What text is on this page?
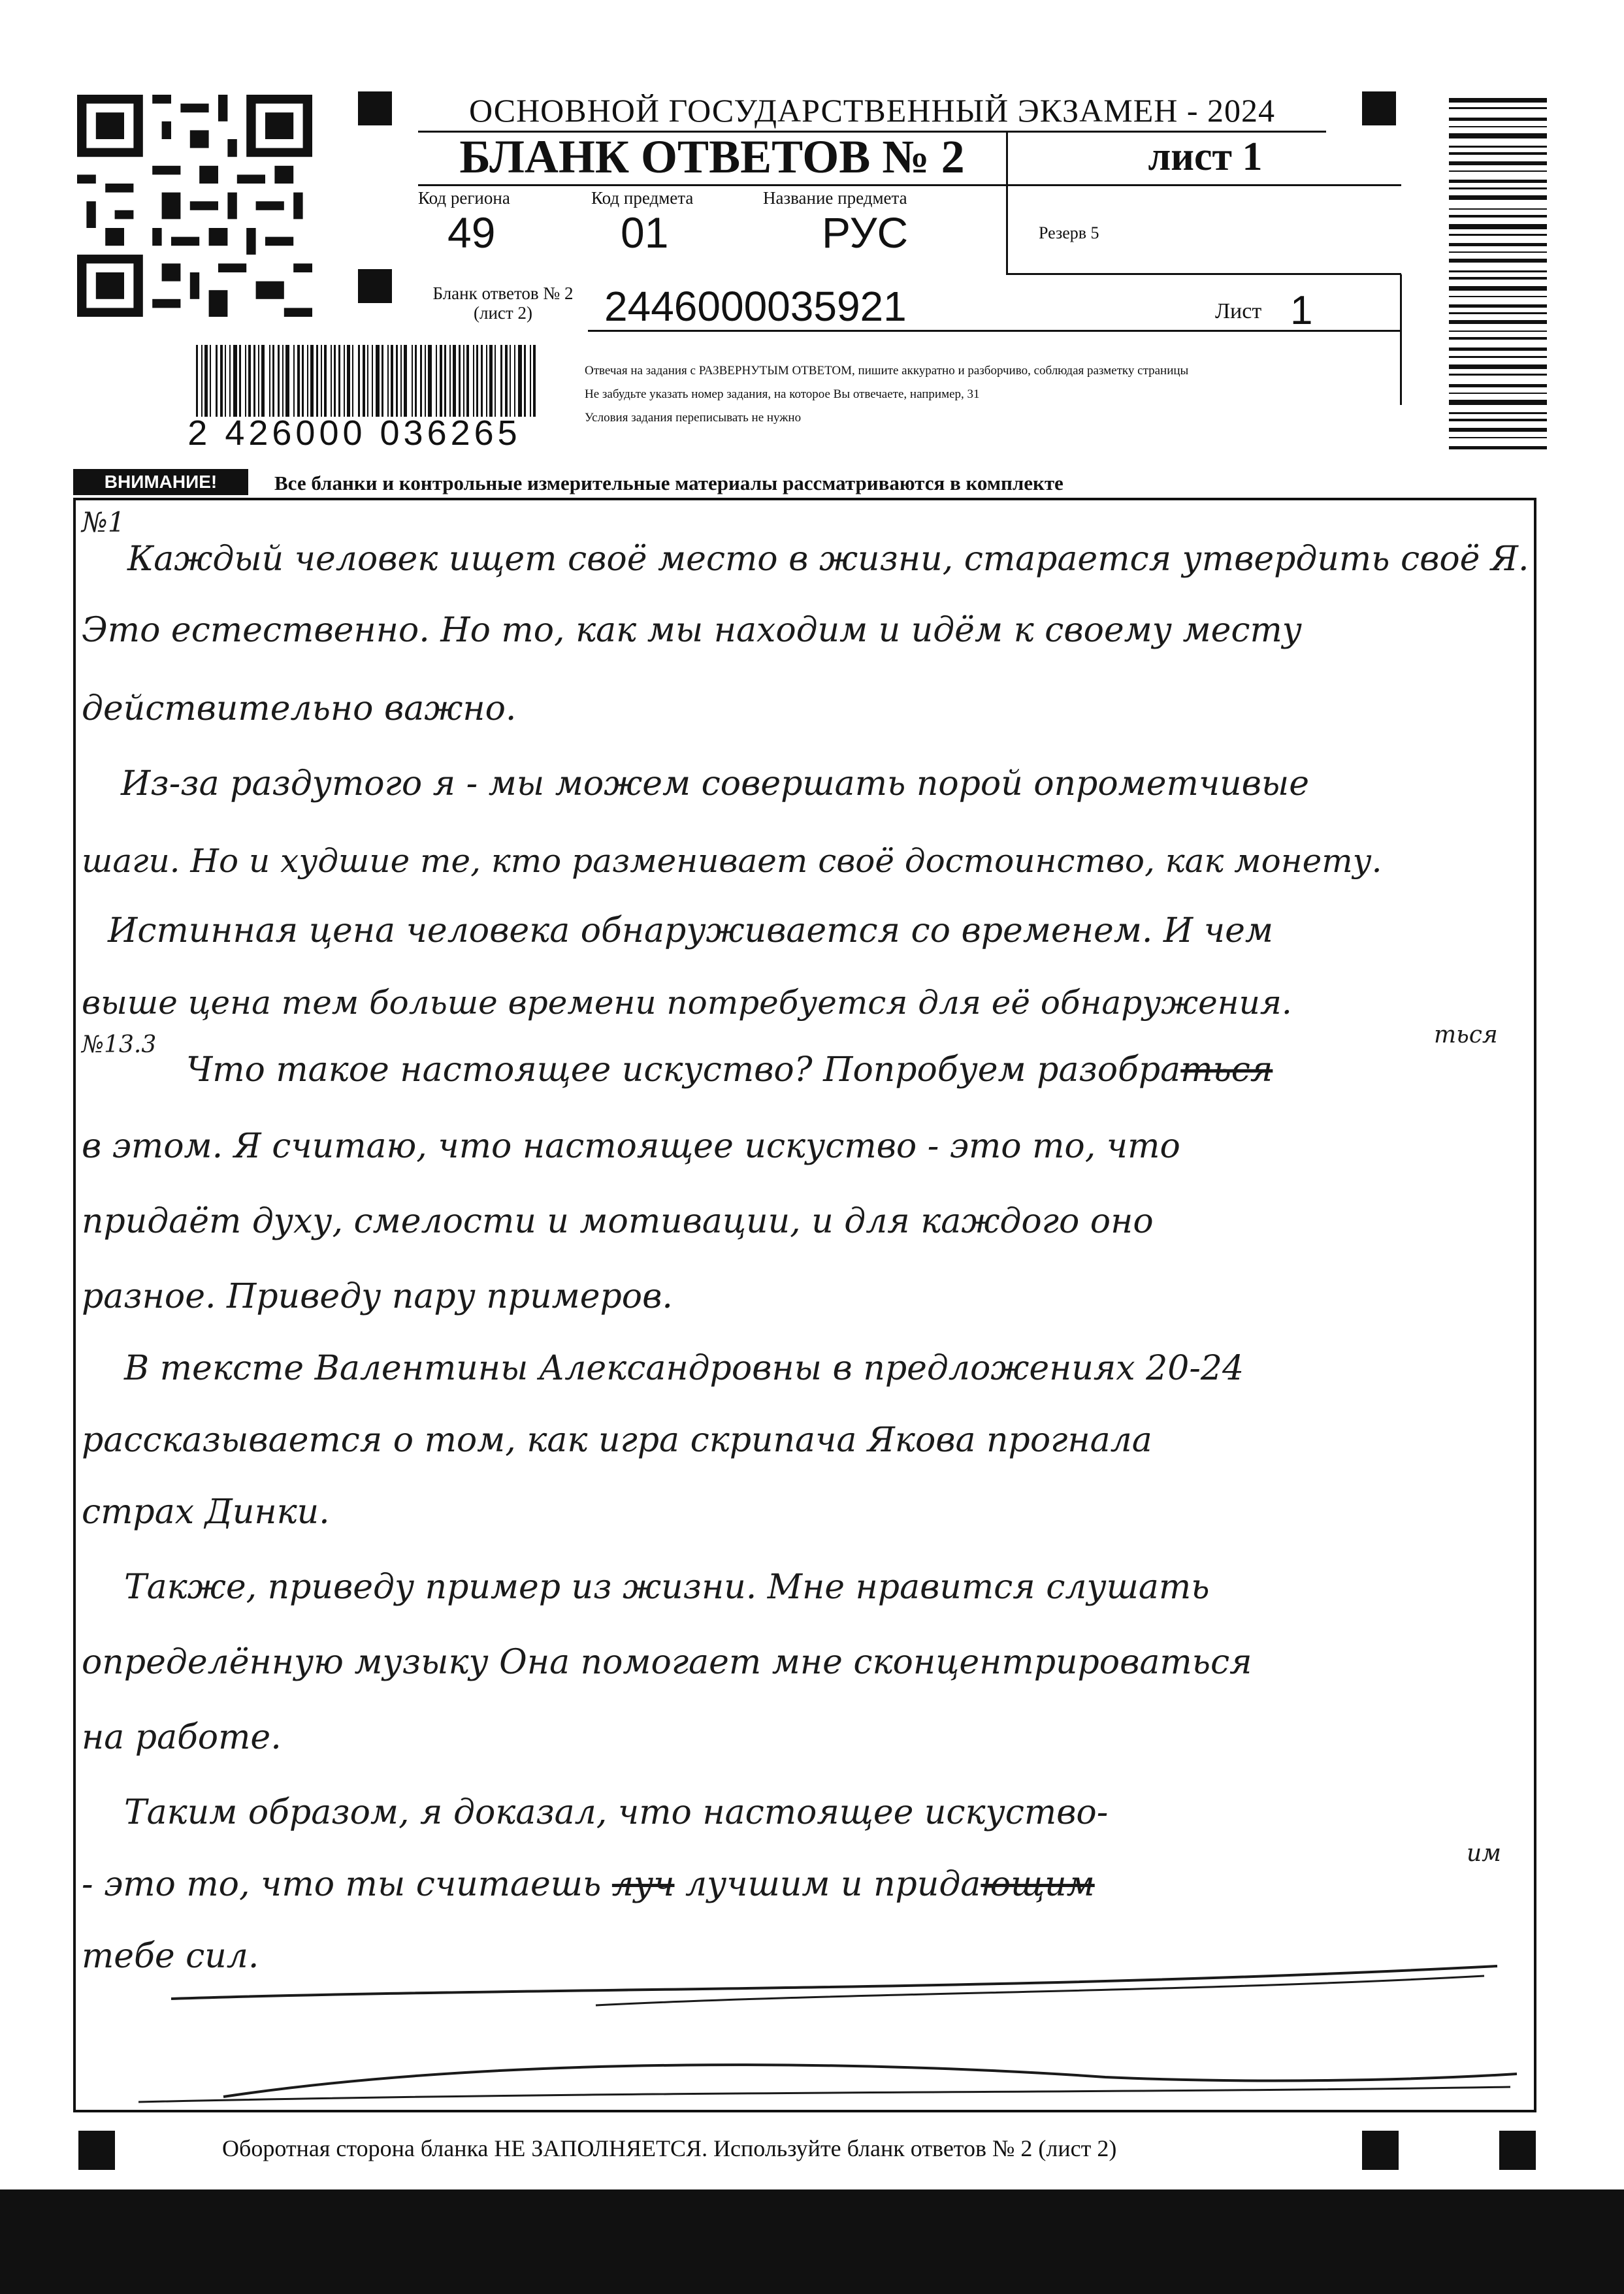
ОСНОВНОЙ ГОСУДАРСТВЕННЫЙ ЭКЗАМЕН - 2024
БЛАНК ОТВЕТОВ № 2	лист 1
Код региона
49
Код предмета
01
Название предмета
РУС	Резерв 5
Бланк ответов № 2
(лист 2)	2446000035921	Лист 1
Отвечая на задания с РАЗВЕРНУТЫМ ОТВЕТОМ, пишите аккуратно и разборчиво, соблюдая разметку страницы
Не забудьте указать номер задания, на которое Вы отвечаете, например, 31
Условия задания переписывать не нужно
2 426000 036265
ВНИМАНИЕ!	Все бланки и контрольные измерительные материалы рассматриваются в комплекте
№1
Каждый человек ищет своё место в жизни, старается утвердить своё Я.
Это естественно. Но то, как мы находим и идём к своему месту
действительно важно.
Из-за раздутого я - мы можем совершать порой опрометчивые
шаги. Но и худшие те, кто разменивает своё достоинство, как монету.
Истинная цена человека обнаруживается со временем. И чем
выше цена тем больше времени потребуется для её обнаружения.
№13.3
Что такое настоящее искуство? Попробуем разобраться
ться
в этом. Я считаю, что настоящее искуство - это то, что
придаёт духу, смелости и мотивации, и для каждого оно
разное. Приведу пару примеров.
В тексте Валентины Александровны в предложениях 20-24
рассказывается о том, как игра скрипача Якова прогнала
страх Динки.
Также, приведу пример из жизни. Мне нравится слушать
определённую музыку Она помогает мне сконцентрироваться
на работе.
Таким образом, я доказал, что настоящее искуство-
им
- это то, что ты считаешь луч лучшим и придающим
тебе сил.
Оборотная сторона бланка НЕ ЗАПОЛНЯЕТСЯ. Используйте бланк ответов № 2 (лист 2)
